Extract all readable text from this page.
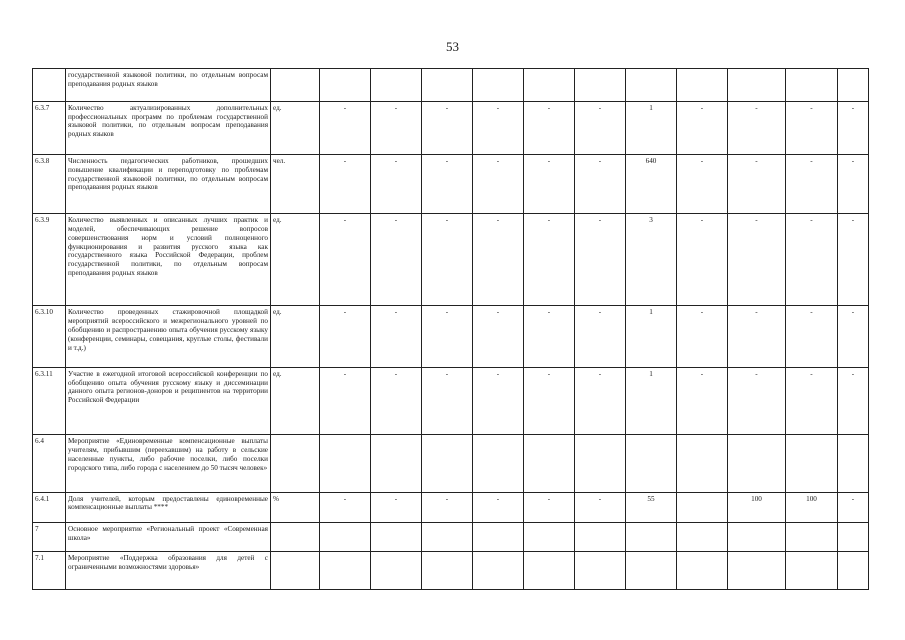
53
	государственной языковой политики, по отдельным вопросам преподавания родных языков												
6.3.7	Количество актуализированных дополнительных профессиональных программ по проблемам государственной языковой политики, по отдельным вопросам преподавания родных языков	ед.	-	-	-	-	-	-	1	-	-	-	-
6.3.8	Численность педагогических работников, прошедших повышение квалификации и переподготовку по проблемам государственной языковой политики, по отдельным вопросам преподавания родных языков	чел.	-	-	-	-	-	-	640	-	-	-	-
6.3.9	Количество выявленных и описанных лучших практик и моделей, обеспечивающих решение вопросов совершенствования норм и условий полноценного функционирования и развития русского языка как государственного языка Российской Федерации, проблем государственной политики, по отдельным вопросам преподавания родных языков	ед.	-	-	-	-	-	-	3	-	-	-	-
6.3.10	Количество проведенных стажировочной площадкой мероприятий всероссийского и межрегионального уровней по обобщению и распространению опыта обучения русскому языку (конференции, семинары, совещания, круглые столы, фестивали и т.д.)	ед.	-	-	-	-	-	-	1	-	-	-	-
6.3.11	Участие в ежегодной итоговой всероссийской конференции по обобщению опыта обучения русскому языку и диссеминации данного опыта регионов-доноров и реципиентов на территории Российской Федерации	ед.	-	-	-	-	-	-	1	-	-	-	-
6.4	Мероприятие «Единовременные компенсационные выплаты учителям, прибывшим (переехавшим) на работу в сельские населенные пункты, либо рабочие поселки, либо поселки городского типа, либо города с населением до 50 тысяч человек»												
6.4.1	Доля учителей, которым предоставлены единовременные компенсационные выплаты ****	%	-	-	-	-	-	-	55		100	100	-
7	Основное мероприятие «Региональный проект «Современная школа»												
7.1	Мероприятие «Поддержка образования для детей с ограниченными возможностями здоровья»												
